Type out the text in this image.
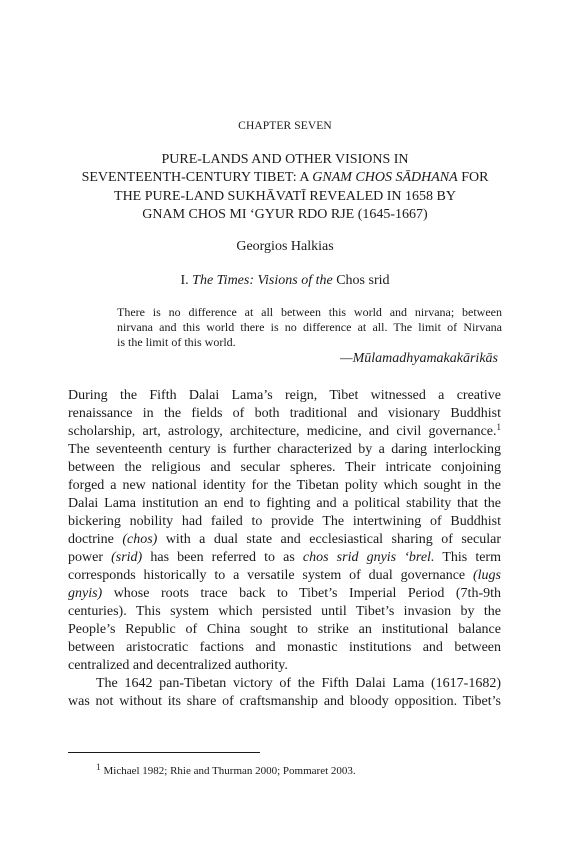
CHAPTER SEVEN
PURE-LANDS AND OTHER VISIONS IN
SEVENTEENTH-CENTURY TIBET: A GNAM CHOS SĀDHANA FOR
THE PURE-LAND SUKHĀVATĪ REVEALED IN 1658 BY
GNAM CHOS MI ‘GYUR RDO RJE (1645-1667)
Georgios Halkias
I. The Times: Visions of the Chos srid
There is no difference at all between this world and nirvana; between
nirvana and this world there is no difference at all. The limit of Nirvana
is the limit of this world.
—Mūlamadhyamakakārikās
During the Fifth Dalai Lama’s reign, Tibet witnessed a creative
renaissance in the fields of both traditional and visionary Buddhist
scholarship, art, astrology, architecture, medicine, and civil governance.$^1$
The seventeenth century is further characterized by a daring interlocking
between the religious and secular spheres. Their intricate conjoining
forged a new national identity for the Tibetan polity which sought in the
Dalai Lama institution an end to fighting and a political stability that the
bickering nobility had failed to provide The intertwining of Buddhist
doctrine (chos) with a dual state and ecclesiastical sharing of secular
power (srid) has been referred to as chos srid gnyis ‘brel. This term
corresponds historically to a versatile system of dual governance (lugs
gnyis) whose roots trace back to Tibet’s Imperial Period (7th-9th
centuries). This system which persisted until Tibet’s invasion by the
People’s Republic of China sought to strike an institutional balance
between aristocratic factions and monastic institutions and between
centralized and decentralized authority.
The 1642 pan-Tibetan victory of the Fifth Dalai Lama (1617-1682)
was not without its share of craftsmanship and bloody opposition. Tibet’s
$^1$ Michael 1982; Rhie and Thurman 2000; Pommaret 2003.
